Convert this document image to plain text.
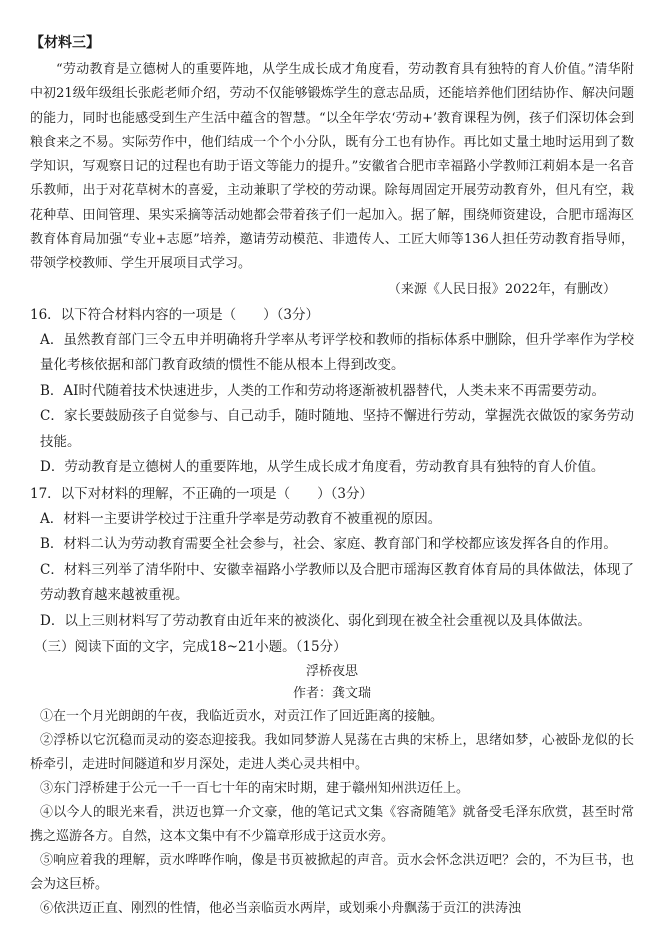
【材料三】

“劳动教育是立德树人的重要阵地，从学生成长成才角度看，劳动教育具有独特的育人价值。”清华附中初21级年级组长张彪老师介绍，劳动不仅能够锻炼学生的意志品质，还能培养他们团结协作、解决问题的能力，同时也能感受到生产生活中蕴含的智慧。“以全年学农‘劳动+’教育课程为例，孩子们深切体会到粮食来之不易。实际劳作中，他们结成一个个小分队，既有分工也有协作。再比如丈量土地时运用到了数学知识，写观察日记的过程也有助于语文等能力的提升。”安徽省合肥市幸福路小学教师江莉娟本是一名音乐教师，出于对花草树木的喜爱，主动兼职了学校的劳动课。除每周固定开展劳动教育外，但凡有空，栽花种草、田间管理、果实采摘等活动她都会带着孩子们一起加入。据了解，围绕师资建设，合肥市瑶海区教育体育局加强“专业+志愿”培养，邀请劳动模范、非遗传人、工匠大师等136人担任劳动教育指导师，带领学校教师、学生开展项目式学习。

（来源《人民日报》2022年，有删改）

16．以下符合材料内容的一项是（　　）（3分）

A．虽然教育部门三令五申并明确将升学率从考评学校和教师的指标体系中删除，但升学率作为学校量化考核依据和部门教育政绩的惯性不能从根本上得到改变。

B．AI时代随着技术快速进步，人类的工作和劳动将逐渐被机器替代，人类未来不再需要劳动。

C．家长要鼓励孩子自觉参与、自己动手，随时随地、坚持不懈进行劳动，掌握洗衣做饭的家务劳动技能。

D．劳动教育是立德树人的重要阵地，从学生成长成才角度看，劳动教育具有独特的育人价值。

17．以下对材料的理解，不正确的一项是（　　）（3分）

A．材料一主要讲学校过于注重升学率是劳动教育不被重视的原因。

B．材料二认为劳动教育需要全社会参与，社会、家庭、教育部门和学校都应该发挥各自的作用。

C．材料三列举了清华附中、安徽幸福路小学教师以及合肥市瑶海区教育体育局的具体做法，体现了劳动教育越来越被重视。

D．以上三则材料写了劳动教育由近年来的被淡化、弱化到现在被全社会重视以及具体做法。

（三）阅读下面的文字，完成18~21小题。（15分）

浮桥夜思

作者：龚文瑞

①在一个月光朗朗的午夜，我临近贡水，对贡江作了回近距离的接触。

②浮桥以它沉稳而灵动的姿态迎接我。我如同梦游人晃荡在古典的宋桥上，思绪如梦，心被卧龙似的长桥牵引，走进时间隧道和岁月深处，走进人类心灵共相中。

③东门浮桥建于公元一千一百七十年的南宋时期，建于赣州知州洪迈任上。

④以今人的眼光来看，洪迈也算一介文豪，他的笔记式文集《容斋随笔》就备受毛泽东欣赏，甚至时常携之巡游各方。自然，这本文集中有不少篇章形成于这贡水旁。

⑤响应着我的理解，贡水哗哗作响，像是书页被掀起的声音。贡水会怀念洪迈吧？会的，不为巨书，也会为这巨桥。

⑥依洪迈正直、刚烈的性情，他必当亲临贡水两岸，或划乘小舟飘荡于贡江的洪涛浊
